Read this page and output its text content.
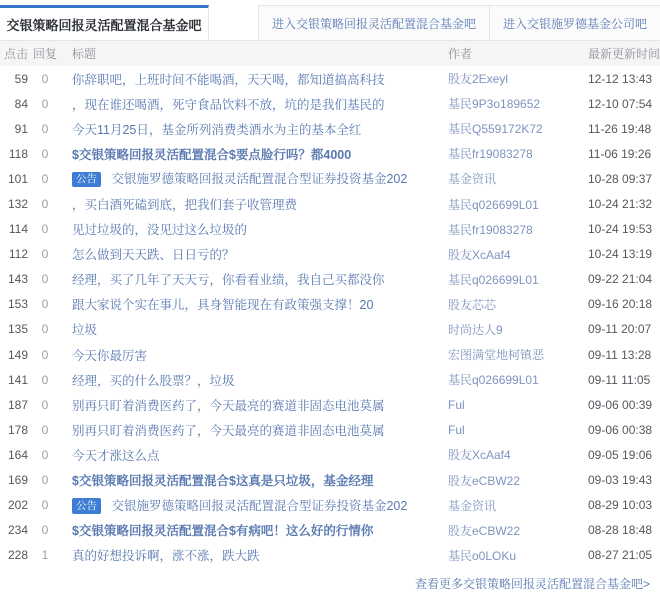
交银策略回报灵活配置混合基金吧	进入交银策略回报灵活配置混合基金吧	进入交银施罗德基金公司吧
点击 回复	标题	作者	最新更新时间
59	0	你辞职吧，上班时间不能喝酒，天天喝，都知道搞高科技	股友2Exeyl	12-12 13:43
84	0	，现在谁还喝酒，死守食品饮料不放，坑的是我们基民的	基民9P3o189652	12-10 07:54
91	0	今天11月25日，基金所列消费类酒水为主的基本全红	基民Q559172K72	11-26 19:48
118	0	$交银策略回报灵活配置混合$要点脸行吗？都4000	基民fr19083278	11-06 19:26
101	0	公告 交银施罗德策略回报灵活配置混合型证券投资基金202	基金资讯	10-28 09:37
132	0	，买白酒死磕到底，把我们套子收管理费	基民q026699L01	10-24 21:32
114	0	见过垃圾的，没见过这么垃圾的	基民fr19083278	10-24 19:53
112	0	怎么做到天天跌、日日亏的？	股友XcAaf4	10-24 13:19
143	0	经理，买了几年了天天亏，你看看业绩，我自己买都没你	基民q026699L01	09-22 21:04
153	0	跟大家说个实在事儿，具身智能现在有政策强支撑！20	股友芯芯	09-16 20:18
135	0	垃圾	时尚达人9	09-11 20:07
149	0	今天你最厉害	宏图满堂地柯镇恶	09-11 13:28
141	0	经理，买的什么股票？，垃圾	基民q026699L01	09-11 11:05
187	0	别再只盯着消费医药了，今天最亮的赛道非固态电池莫属	Ful	09-06 00:39
178	0	别再只盯着消费医药了，今天最亮的赛道非固态电池莫属	Ful	09-06 00:38
164	0	今天才涨这么点	股友XcAaf4	09-05 19:06
169	0	$交银策略回报灵活配置混合$这真是只垃圾，基金经理	股友eCBW22	09-03 19:43
202	0	公告 交银施罗德策略回报灵活配置混合型证券投资基金202	基金资讯	08-29 10:03
234	0	$交银策略回报灵活配置混合$有病吧！这么好的行情你	股友eCBW22	08-28 18:48
228	1	真的好想投诉啊，涨不涨，跌大跌	基民o0LOKu	08-27 21:05
查看更多交银策略回报灵活配置混合基金吧>
